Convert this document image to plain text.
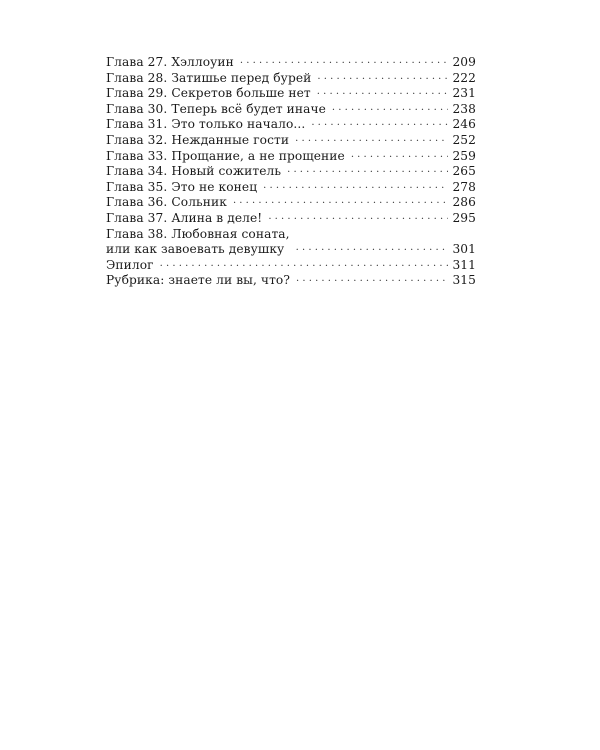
Глава 27. Хэллоуин . . .	209
Глава 28. Затишье перед бурей . . .	222
Глава 29. Секретов больше нет . . .	231
Глава 30. Теперь всё будет иначе . . .	238
Глава 31. Это только начало... . . .	246
Глава 32. Нежданные гости . . .	252
Глава 33. Прощание, а не прощение . . .	259
Глава 34. Новый сожитель . . .	265
Глава 35. Это не конец . . .	278
Глава 36. Сольник . . .	286
Глава 37. Алина в деле! . . .	295
Глава 38. Любовная соната,
или как завоевать девушку . . .	301
Эпилог . . .	311
Рубрика: знаете ли вы, что? . . .	315
